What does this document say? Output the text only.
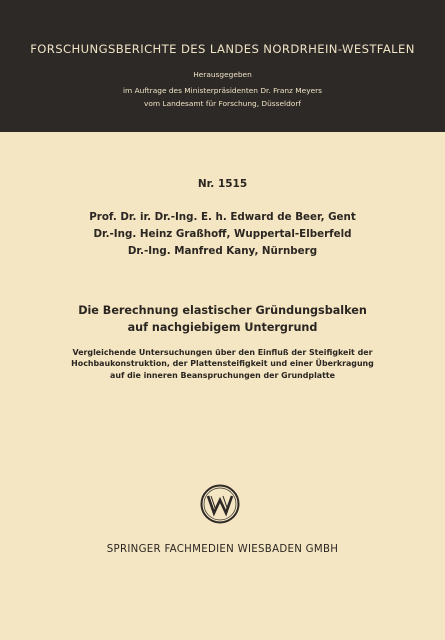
FORSCHUNGSBERICHTE DES LANDES NORDRHEIN-WESTFALEN
Herausgegeben
im Auftrage des Ministerpräsidenten Dr. Franz Meyers
vom Landesamt für Forschung, Düsseldorf
Nr. 1515
Prof. Dr. ir. Dr.-Ing. E. h. Edward de Beer, Gent
Dr.-Ing. Heinz Graßhoff, Wuppertal-Elberfeld
Dr.-Ing. Manfred Kany, Nürnberg
Die Berechnung elastischer Gründungsbalken
auf nachgiebigem Untergrund
Vergleichende Untersuchungen über den Einfluß der Steifigkeit der
Hochbaukonstruktion, der Plattensteifigkeit und einer Überkragung
auf die inneren Beanspruchungen der Grundplatte
SPRINGER FACHMEDIEN WIESBADEN GMBH
